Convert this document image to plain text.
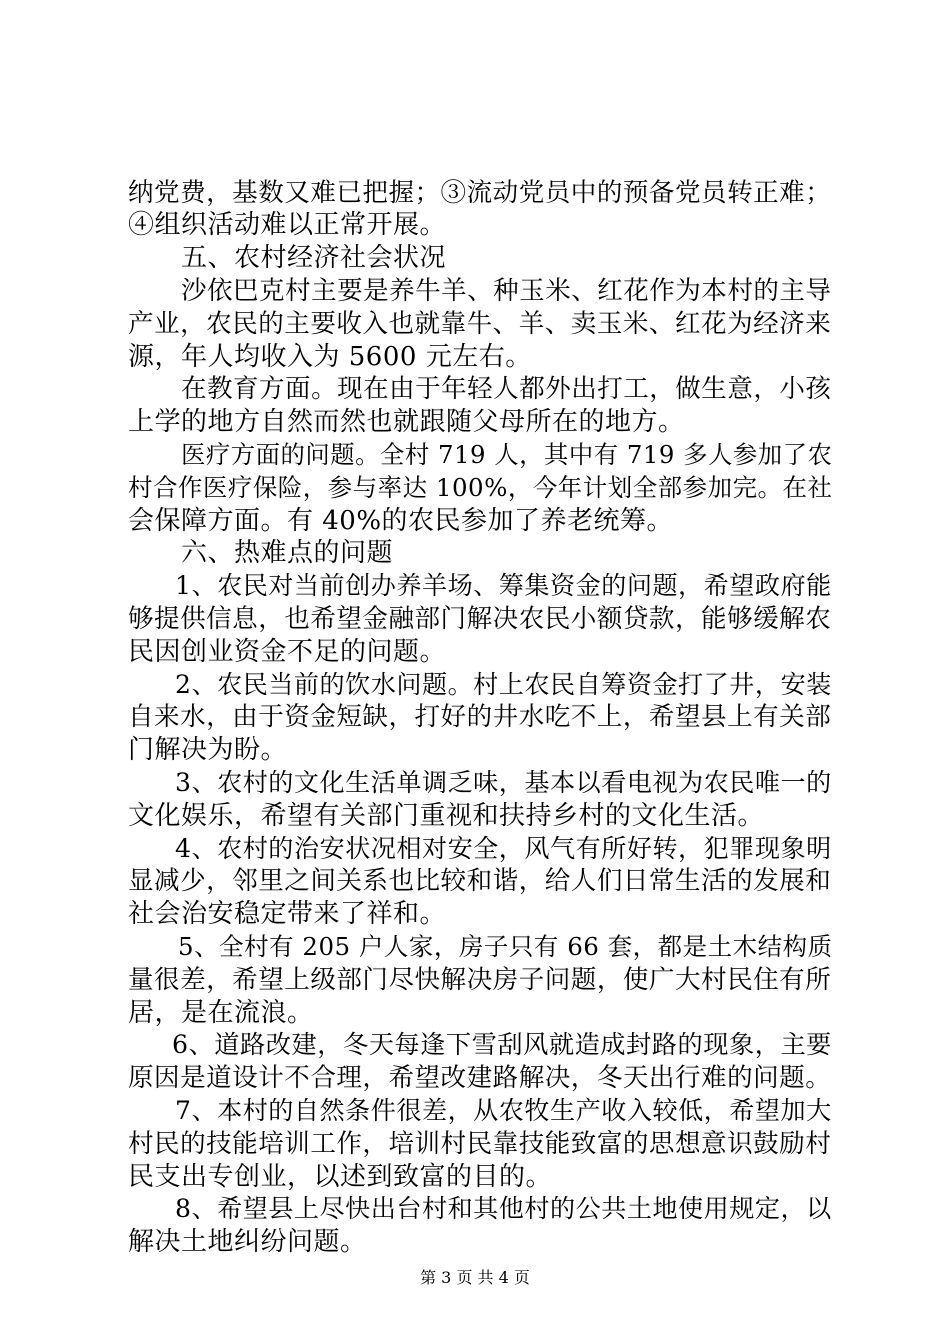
纳党费，基数又难已把握；③流动党员中的预备党员转正难；
④组织活动难以正常开展。
五、农村经济社会状况
沙依巴克村主要是养牛羊、种玉米、红花作为本村的主导
产业，农民的主要收入也就靠牛、羊、卖玉米、红花为经济来
源，年人均收入为 5600 元左右。
在教育方面。现在由于年轻人都外出打工，做生意，小孩
上学的地方自然而然也就跟随父母所在的地方。
医疗方面的问题。全村 719 人，其中有 719 多人参加了农
村合作医疗保险，参与率达 100%，今年计划全部参加完。在社
会保障方面。有 40%的农民参加了养老统筹。
六、热难点的问题
1、农民对当前创办养羊场、筹集资金的问题，希望政府能
够提供信息，也希望金融部门解决农民小额贷款，能够缓解农
民因创业资金不足的问题。
2、农民当前的饮水问题。村上农民自筹资金打了井，安装
自来水，由于资金短缺，打好的井水吃不上，希望县上有关部
门解决为盼。
3、农村的文化生活单调乏味，基本以看电视为农民唯一的
文化娱乐，希望有关部门重视和扶持乡村的文化生活。
4、农村的治安状况相对安全，风气有所好转，犯罪现象明
显减少，邻里之间关系也比较和谐，给人们日常生活的发展和
社会治安稳定带来了祥和。
5、全村有 205 户人家，房子只有 66 套，都是土木结构质
量很差，希望上级部门尽快解决房子问题，使广大村民住有所
居，是在流浪。
6、道路改建，冬天每逢下雪刮风就造成封路的现象，主要
原因是道设计不合理，希望改建路解决，冬天出行难的问题。
7、本村的自然条件很差，从农牧生产收入较低，希望加大
村民的技能培训工作，培训村民靠技能致富的思想意识鼓励村
民支出专创业，以述到致富的目的。
8、希望县上尽快出台村和其他村的公共土地使用规定，以
解决土地纠纷问题。
第 3 页 共 4 页
